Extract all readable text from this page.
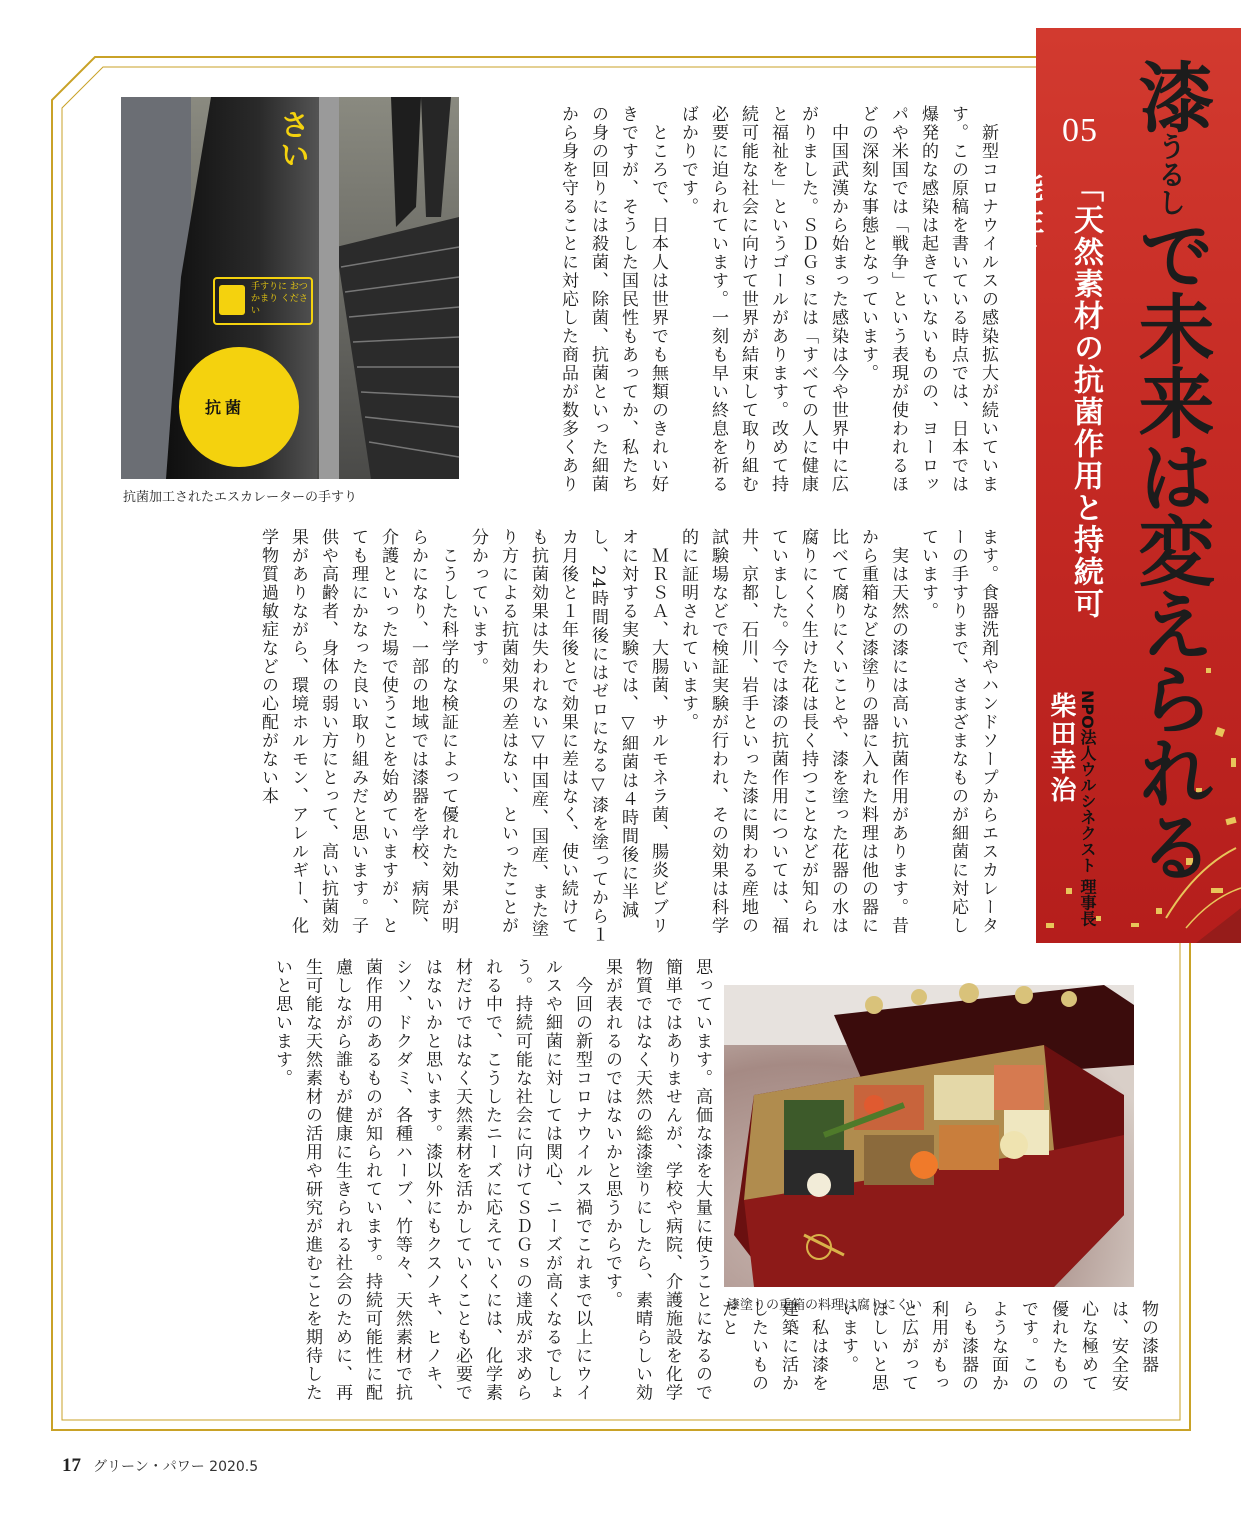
漆うるしで未来は変えられる
05
「天然素材の抗菌作用と持続可能性」
NPO法人ウルシネクスト 理事長
柴田幸治
さい
手すりに おつかまり ください
抗菌
抗菌加工されたエスカレーターの手すり
漆塗りの重箱の料理は腐りにくい
　新型コロナウイルスの感染拡大が続いています。この原稿を書いている時点では、日本では爆発的な感染は起きていないものの、ヨーロッパや米国では「戦争」という表現が使われるほどの深刻な事態となっています。
　中国武漢から始まった感染は今や世界中に広がりました。ＳＤＧｓには「すべての人に健康と福祉を」というゴールがあります。改めて持続可能な社会に向けて世界が結束して取り組む必要に迫られています。一刻も早い終息を祈るばかりです。
　ところで、日本人は世界でも無類のきれい好きですが、そうした国民性もあってか、私たちの身の回りには殺菌、除菌、抗菌といった細菌から身を守ることに対応した商品が数多くあり
ます。食器洗剤やハンドソープからエスカレーターの手すりまで、さまざまなものが細菌に対応しています。
　実は天然の漆には高い抗菌作用があります。昔から重箱など漆塗りの器に入れた料理は他の器に比べて腐りにくいことや、漆を塗った花器の水は腐りにくく生けた花は長く持つことなどが知られていました。今では漆の抗菌作用については、福井、京都、石川、岩手といった漆に関わる産地の試験場などで検証実験が行われ、その効果は科学的に証明されています。
　ＭＲＳＡ、大腸菌、サルモネラ菌、腸炎ビブリオに対する実験では、▽細菌は４時間後に半減し、24時間後にはゼロになる▽漆を塗ってから１カ月後と１年後とで効果に差はなく、使い続けても抗菌効果は失われない▽中国産、国産、また塗り方による抗菌効果の差はない、といったことが分かっています。
　こうした科学的な検証によって優れた効果が明らかになり、一部の地域では漆器を学校、病院、介護といった場で使うことを始めていますが、とても理にかなった良い取り組みだと思います。子供や高齢者、身体の弱い方にとって、高い抗菌効果がありながら、環境ホルモン、アレルギー、化学物質過敏症などの心配がない本
物の漆器は、安全安心な極めて優れたものです。このような面からも漆器の利用がもっと広がってほしいと思います。
　私は漆を建築に活かしたいものだと
思っています。高価な漆を大量に使うことになるので簡単ではありませんが、学校や病院、介護施設を化学物質ではなく天然の総漆塗りにしたら、素晴らしい効果が表れるのではないかと思うからです。
　今回の新型コロナウイルス禍でこれまで以上にウイルスや細菌に対しては関心、ニーズが高くなるでしょう。持続可能な社会に向けてＳＤＧｓの達成が求められる中で、こうしたニーズに応えていくには、化学素材だけではなく天然素材を活かしていくことも必要ではないかと思います。漆以外にもクスノキ、ヒノキ、シソ、ドクダミ、各種ハーブ、竹等々、天然素材で抗菌作用のあるものが知られています。持続可能性に配慮しながら誰もが健康に生きられる社会のために、再生可能な天然素材の活用や研究が進むことを期待したいと思います。
17 グリーン・パワー 2020.5
